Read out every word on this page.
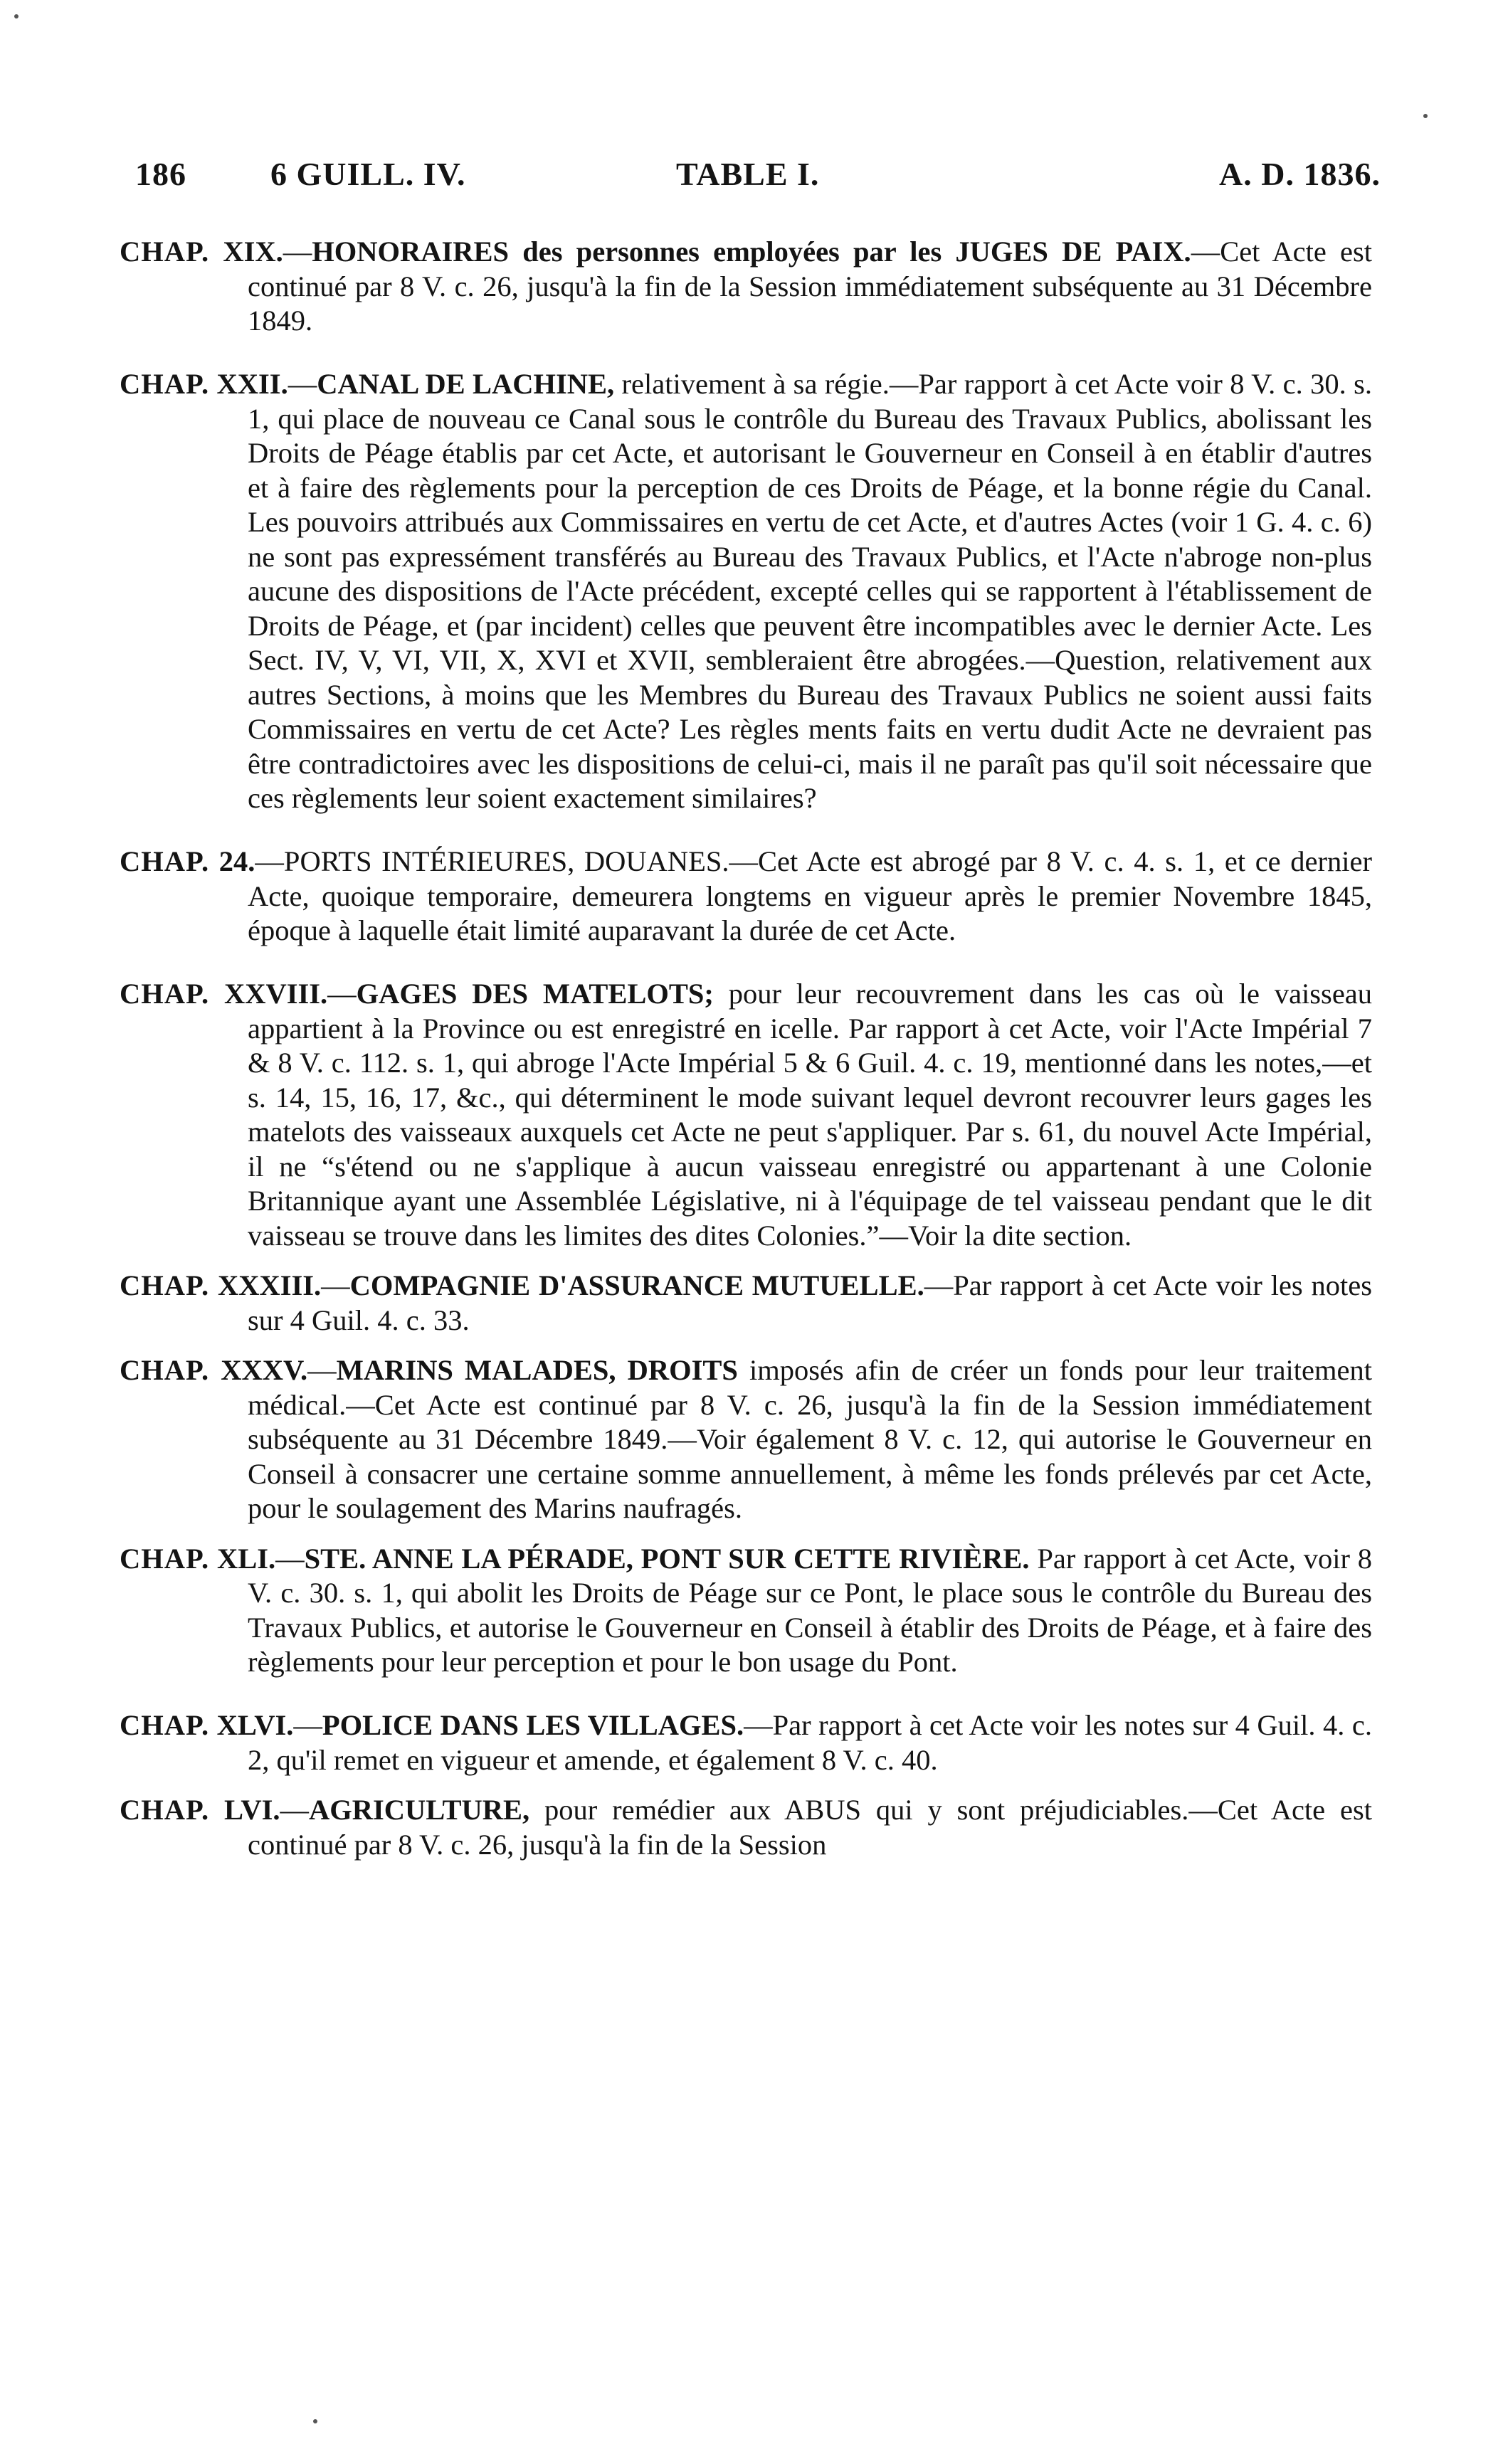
186	6 GUILL. IV.	TABLE I.	A. D. 1836.

CHAP. XIX.—HONORAIRES des personnes employées par les JUGES DE PAIX.—Cet Acte est continué par 8 V. c. 26, jusqu'à la fin de la Session immédiatement subséquente au 31 Décembre 1849.

CHAP. XXII.—CANAL DE LACHINE, relativement à sa régie.—Par rapport à cet Acte voir 8 V. c. 30. s. 1, qui place de nouveau ce Canal sous le contrôle du Bureau des Travaux Publics, abolissant les Droits de Péage établis par cet Acte, et autorisant le Gouverneur en Conseil à en établir d'autres et à faire des règlements pour la perception de ces Droits de Péage, et la bonne régie du Canal. Les pouvoirs attribués aux Commissaires en vertu de cet Acte, et d'autres Actes (voir 1 G. 4. c. 6) ne sont pas expressément transférés au Bureau des Travaux Publics, et l'Acte n'abroge non-plus aucune des dispositions de l'Acte précédent, excepté celles qui se rapportent à l'établissement de Droits de Péage, et (par incident) celles que peuvent être incompatibles avec le dernier Acte. Les Sect. IV, V, VI, VII, X, XVI et XVII, sembleraient être abrogées.—Question, relativement aux autres Sections, à moins que les Membres du Bureau des Travaux Publics ne soient aussi faits Commissaires en vertu de cet Acte? Les règles ments faits en vertu dudit Acte ne devraient pas être contradictoires avec les dispositions de celui-ci, mais il ne paraît pas qu'il soit nécessaire que ces règlements leur soient exactement similaires?

CHAP. 24.—PORTS INTÉRIEURES, DOUANES.—Cet Acte est abrogé par 8 V. c. 4. s. 1, et ce dernier Acte, quoique temporaire, demeurera longtems en vigueur après le premier Novembre 1845, époque à laquelle était limité auparavant la durée de cet Acte.

CHAP. XXVIII.—GAGES DES MATELOTS; pour leur recouvrement dans les cas où le vaisseau appartient à la Province ou est enregistré en icelle. Par rapport à cet Acte, voir l'Acte Impérial 7 & 8 V. c. 112. s. 1, qui abroge l'Acte Impérial 5 & 6 Guil. 4. c. 19, mentionné dans les notes,—et s. 14, 15, 16, 17, &c., qui déterminent le mode suivant lequel devront recouvrer leurs gages les matelots des vaisseaux auxquels cet Acte ne peut s'appliquer. Par s. 61, du nouvel Acte Impérial, il ne “s'étend ou ne s'applique à aucun vaisseau enregistré ou appartenant à une Colonie Britannique ayant une Assemblée Législative, ni à l'équipage de tel vaisseau pendant que le dit vaisseau se trouve dans les limites des dites Colonies.”—Voir la dite section.

CHAP. XXXIII.—COMPAGNIE D'ASSURANCE MUTUELLE.—Par rapport à cet Acte voir les notes sur 4 Guil. 4. c. 33.

CHAP. XXXV.—MARINS MALADES, DROITS imposés afin de créer un fonds pour leur traitement médical.—Cet Acte est continué par 8 V. c. 26, jusqu'à la fin de la Session immédiatement subséquente au 31 Décembre 1849.—Voir également 8 V. c. 12, qui autorise le Gouverneur en Conseil à consacrer une certaine somme annuellement, à même les fonds prélevés par cet Acte, pour le soulagement des Marins naufragés.

CHAP. XLI.—STE. ANNE LA PÉRADE, PONT SUR CETTE RIVIÈRE. Par rapport à cet Acte, voir 8 V. c. 30. s. 1, qui abolit les Droits de Péage sur ce Pont, le place sous le contrôle du Bureau des Travaux Publics, et autorise le Gouverneur en Conseil à établir des Droits de Péage, et à faire des règlements pour leur perception et pour le bon usage du Pont.

CHAP. XLVI.—POLICE DANS LES VILLAGES.—Par rapport à cet Acte voir les notes sur 4 Guil. 4. c. 2, qu'il remet en vigueur et amende, et également 8 V. c. 40.

CHAP. LVI.—AGRICULTURE, pour remédier aux ABUS qui y sont préjudiciables.—Cet Acte est continué par 8 V. c. 26, jusqu'à la fin de la Session
